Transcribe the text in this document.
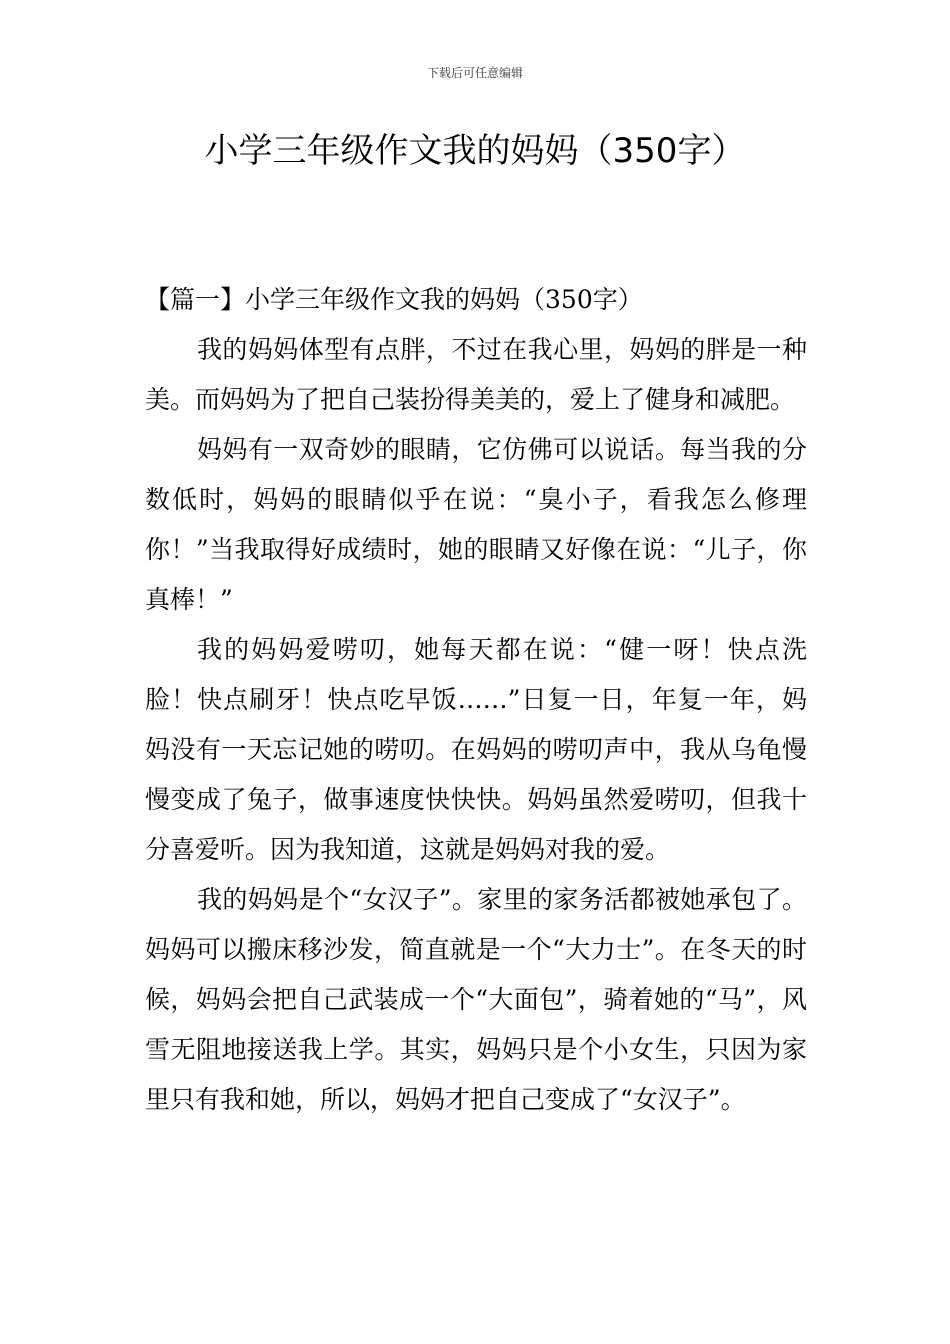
下载后可任意编辑
小学三年级作文我的妈妈（350字）

【篇一】小学三年级作文我的妈妈（350字）

我的妈妈体型有点胖，不过在我心里，妈妈的胖是一种美。而妈妈为了把自己装扮得美美的，爱上了健身和减肥。

妈妈有一双奇妙的眼睛，它仿佛可以说话。每当我的分数低时，妈妈的眼睛似乎在说：“臭小子，看我怎么修理你！”当我取得好成绩时，她的眼睛又好像在说：“儿子，你真棒！”

我的妈妈爱唠叨，她每天都在说：“健一呀！快点洗脸！快点刷牙！快点吃早饭……”日复一日，年复一年，妈妈没有一天忘记她的唠叨。在妈妈的唠叨声中，我从乌龟慢慢变成了兔子，做事速度快快快。妈妈虽然爱唠叨，但我十分喜爱听。因为我知道，这就是妈妈对我的爱。

我的妈妈是个“女汉子”。家里的家务活都被她承包了。妈妈可以搬床移沙发，简直就是一个“大力士”。在冬天的时候，妈妈会把自己武装成一个“大面包”，骑着她的“马”，风雪无阻地接送我上学。其实，妈妈只是个小女生，只因为家里只有我和她，所以，妈妈才把自己变成了“女汉子”。
